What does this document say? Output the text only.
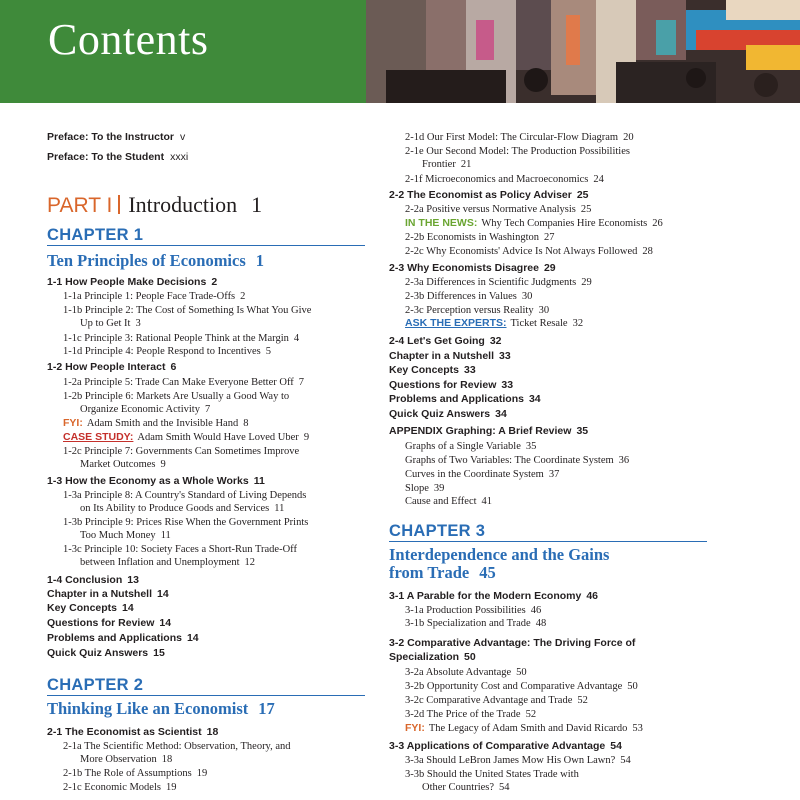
Contents
Preface: To the Instructor v
Preface: To the Student xxxi
PART I Introduction 1
CHAPTER 1
Ten Principles of Economics 1
1-1 How People Make Decisions 2
1-1a Principle 1: People Face Trade-Offs 2
1-1b Principle 2: The Cost of Something Is What You Give
Up to Get It 3
1-1c Principle 3: Rational People Think at the Margin 4
1-1d Principle 4: People Respond to Incentives 5
1-2 How People Interact 6
1-2a Principle 5: Trade Can Make Everyone Better Off 7
1-2b Principle 6: Markets Are Usually a Good Way to
Organize Economic Activity 7
FYI: Adam Smith and the Invisible Hand 8
CASE STUDY: Adam Smith Would Have Loved Uber 9
1-2c Principle 7: Governments Can Sometimes Improve
Market Outcomes 9
1-3 How the Economy as a Whole Works 11
1-3a Principle 8: A Country's Standard of Living Depends
on Its Ability to Produce Goods and Services 11
1-3b Principle 9: Prices Rise When the Government Prints
Too Much Money 11
1-3c Principle 10: Society Faces a Short-Run Trade-Off
between Inflation and Unemployment 12
1-4 Conclusion 13
Chapter in a Nutshell 14
Key Concepts 14
Questions for Review 14
Problems and Applications 14
Quick Quiz Answers 15
CHAPTER 2
Thinking Like an Economist 17
2-1 The Economist as Scientist 18
2-1a The Scientific Method: Observation, Theory, and
More Observation 18
2-1b The Role of Assumptions 19
2-1c Economic Models 19
2-1d Our First Model: The Circular-Flow Diagram 20
2-1e Our Second Model: The Production Possibilities
Frontier 21
2-1f Microeconomics and Macroeconomics 24
2-2 The Economist as Policy Adviser 25
2-2a Positive versus Normative Analysis 25
IN THE NEWS: Why Tech Companies Hire Economists 26
2-2b Economists in Washington 27
2-2c Why Economists' Advice Is Not Always Followed 28
2-3 Why Economists Disagree 29
2-3a Differences in Scientific Judgments 29
2-3b Differences in Values 30
2-3c Perception versus Reality 30
ASK THE EXPERTS: Ticket Resale 32
2-4 Let's Get Going 32
Chapter in a Nutshell 33
Key Concepts 33
Questions for Review 33
Problems and Applications 34
Quick Quiz Answers 34
APPENDIX Graphing: A Brief Review 35
Graphs of a Single Variable 35
Graphs of Two Variables: The Coordinate System 36
Curves in the Coordinate System 37
Slope 39
Cause and Effect 41
CHAPTER 3
Interdependence and the Gains
from Trade 45
3-1 A Parable for the Modern Economy 46
3-1a Production Possibilities 46
3-1b Specialization and Trade 48
3-2 Comparative Advantage: The Driving Force of
Specialization 50
3-2a Absolute Advantage 50
3-2b Opportunity Cost and Comparative Advantage 50
3-2c Comparative Advantage and Trade 52
3-2d The Price of the Trade 52
FYI: The Legacy of Adam Smith and David Ricardo 53
3-3 Applications of Comparative Advantage 54
3-3a Should LeBron James Mow His Own Lawn? 54
3-3b Should the United States Trade with
Other Countries? 54
